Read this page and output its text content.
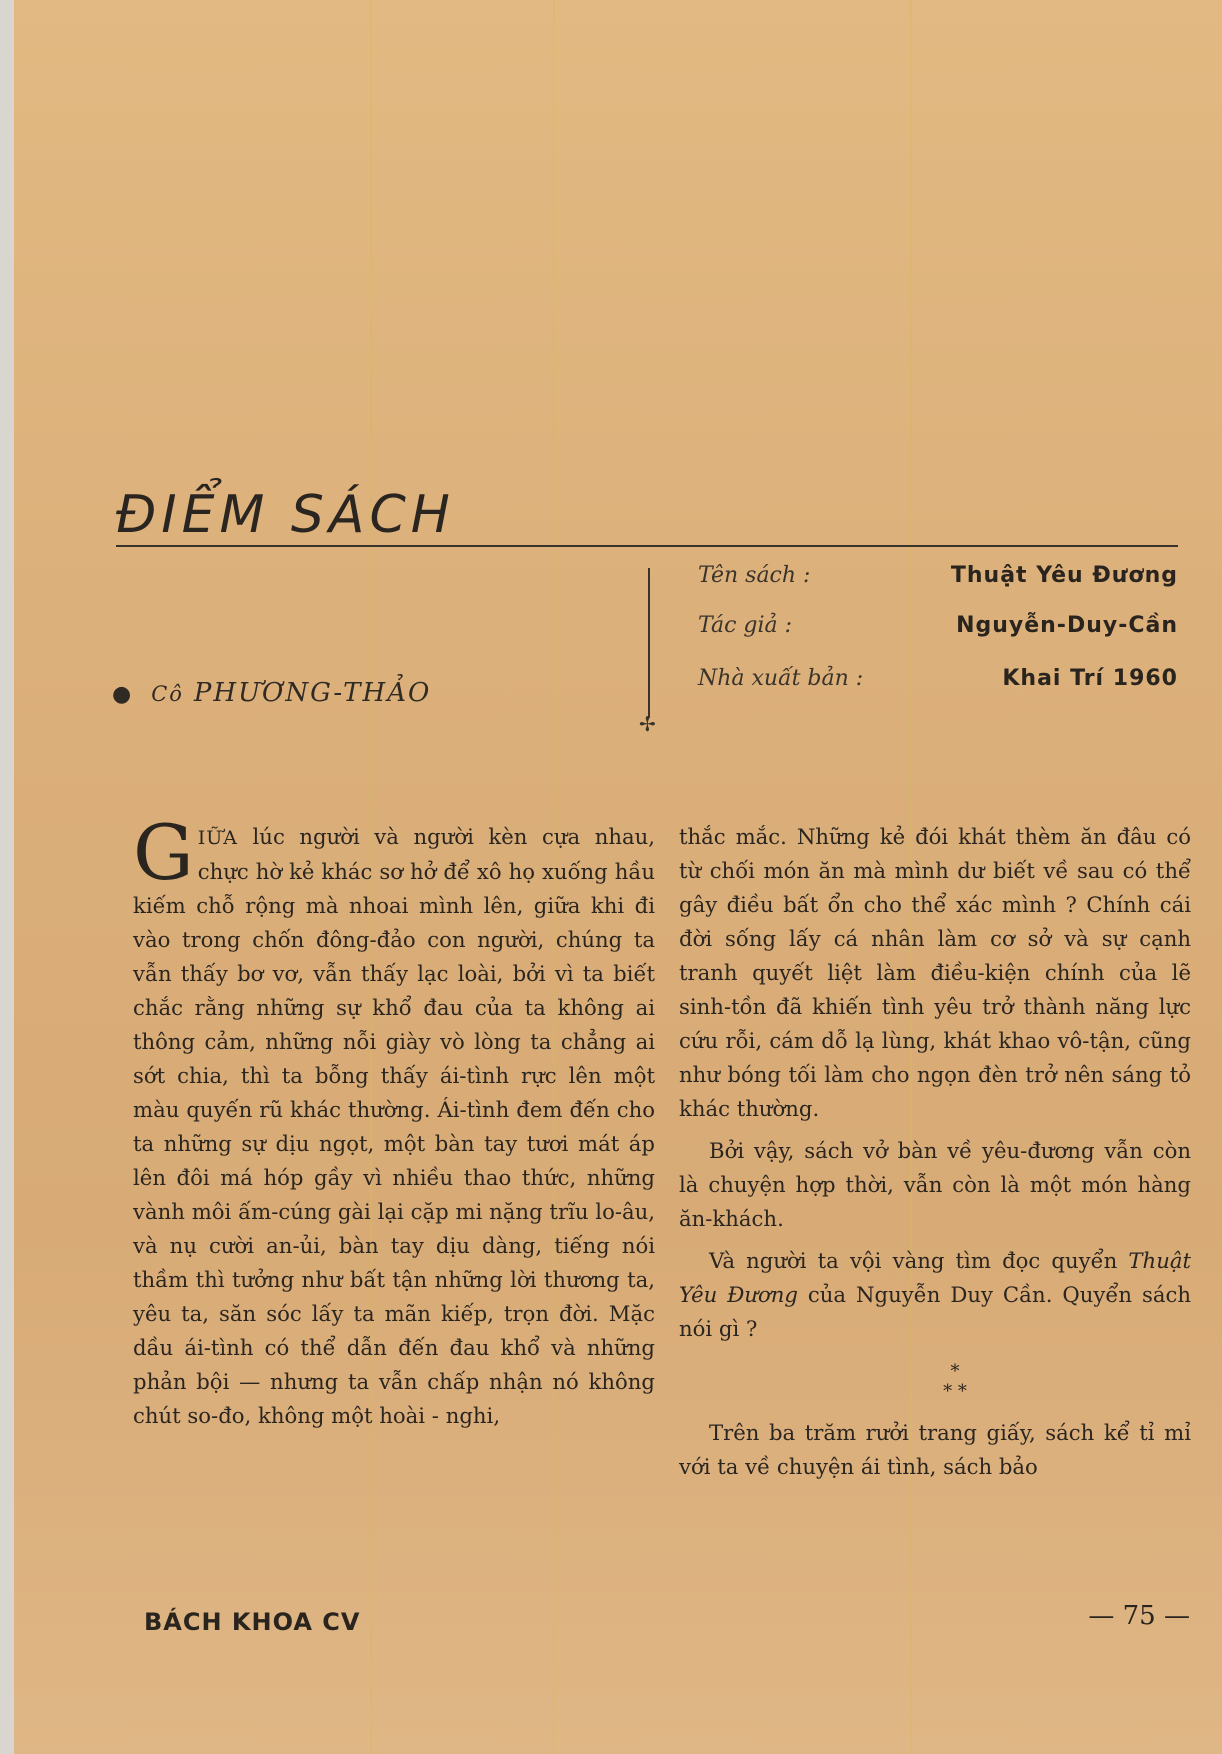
ĐIỂM SÁCH
● Cô PHƯƠNG-THẢO
✢
Tên sách :	Thuật Yêu Đương
Tác giả :	Nguyễn-Duy-Cần
Nhà xuất bản :	Khai Trí 1960

GIỮA lúc người và người kèn cựa nhau, chực hờ kẻ khác sơ hở để xô họ xuống hầu kiếm chỗ rộng mà nhoai mình lên, giữa khi đi vào trong chốn đông-đảo con người, chúng ta vẫn thấy bơ vơ, vẫn thấy lạc loài, bởi vì ta biết chắc rằng những sự khổ đau của ta không ai thông cảm, những nỗi giày vò lòng ta chẳng ai sớt chia, thì ta bỗng thấy ái-tình rực lên một màu quyến rũ khác thường. Ái-tình đem đến cho ta những sự dịu ngọt, một bàn tay tươi mát áp lên đôi má hóp gầy vì nhiều thao thức, những vành môi ấm-cúng gài lại cặp mi nặng trĩu lo-âu, và nụ cười an-ủi, bàn tay dịu dàng, tiếng nói thầm thì tưởng như bất tận những lời thương ta, yêu ta, săn sóc lấy ta mãn kiếp, trọn đời. Mặc dầu ái-tình có thể dẫn đến đau khổ và những phản bội — nhưng ta vẫn chấp nhận nó không chút so-đo, không một hoài - nghi,

thắc mắc. Những kẻ đói khát thèm ăn đâu có từ chối món ăn mà mình dư biết về sau có thể gây điều bất ổn cho thể xác mình ? Chính cái đời sống lấy cá nhân làm cơ sở và sự cạnh tranh quyết liệt làm điều-kiện chính của lẽ sinh-tồn đã khiến tình yêu trở thành năng lực cứu rỗi, cám dỗ lạ lùng, khát khao vô-tận, cũng như bóng tối làm cho ngọn đèn trở nên sáng tỏ khác thường.

Bởi vậy, sách vở bàn về yêu-đương vẫn còn là chuyện hợp thời, vẫn còn là một món hàng ăn-khách.

Và người ta vội vàng tìm đọc quyển Thuật Yêu Đương của Nguyễn Duy Cần. Quyển sách nói gì ?

*
* *

Trên ba trăm rưởi trang giấy, sách kể tỉ mỉ với ta về chuyện ái tình, sách bảo

BÁCH KHOA CV	— 75 —
